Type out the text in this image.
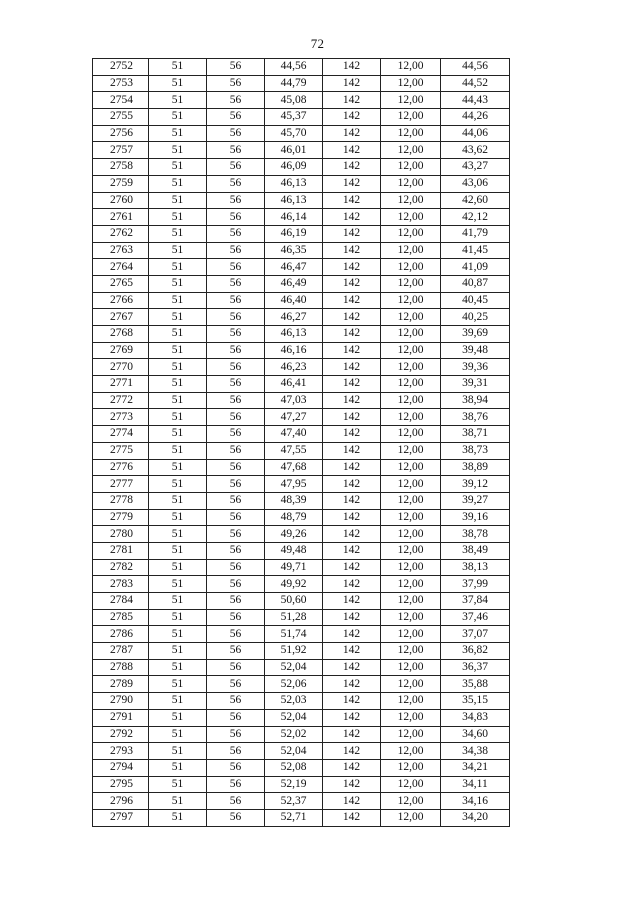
72
2752	51	56	44,56	142	12,00	44,56
2753	51	56	44,79	142	12,00	44,52
2754	51	56	45,08	142	12,00	44,43
2755	51	56	45,37	142	12,00	44,26
2756	51	56	45,70	142	12,00	44,06
2757	51	56	46,01	142	12,00	43,62
2758	51	56	46,09	142	12,00	43,27
2759	51	56	46,13	142	12,00	43,06
2760	51	56	46,13	142	12,00	42,60
2761	51	56	46,14	142	12,00	42,12
2762	51	56	46,19	142	12,00	41,79
2763	51	56	46,35	142	12,00	41,45
2764	51	56	46,47	142	12,00	41,09
2765	51	56	46,49	142	12,00	40,87
2766	51	56	46,40	142	12,00	40,45
2767	51	56	46,27	142	12,00	40,25
2768	51	56	46,13	142	12,00	39,69
2769	51	56	46,16	142	12,00	39,48
2770	51	56	46,23	142	12,00	39,36
2771	51	56	46,41	142	12,00	39,31
2772	51	56	47,03	142	12,00	38,94
2773	51	56	47,27	142	12,00	38,76
2774	51	56	47,40	142	12,00	38,71
2775	51	56	47,55	142	12,00	38,73
2776	51	56	47,68	142	12,00	38,89
2777	51	56	47,95	142	12,00	39,12
2778	51	56	48,39	142	12,00	39,27
2779	51	56	48,79	142	12,00	39,16
2780	51	56	49,26	142	12,00	38,78
2781	51	56	49,48	142	12,00	38,49
2782	51	56	49,71	142	12,00	38,13
2783	51	56	49,92	142	12,00	37,99
2784	51	56	50,60	142	12,00	37,84
2785	51	56	51,28	142	12,00	37,46
2786	51	56	51,74	142	12,00	37,07
2787	51	56	51,92	142	12,00	36,82
2788	51	56	52,04	142	12,00	36,37
2789	51	56	52,06	142	12,00	35,88
2790	51	56	52,03	142	12,00	35,15
2791	51	56	52,04	142	12,00	34,83
2792	51	56	52,02	142	12,00	34,60
2793	51	56	52,04	142	12,00	34,38
2794	51	56	52,08	142	12,00	34,21
2795	51	56	52,19	142	12,00	34,11
2796	51	56	52,37	142	12,00	34,16
2797	51	56	52,71	142	12,00	34,20
